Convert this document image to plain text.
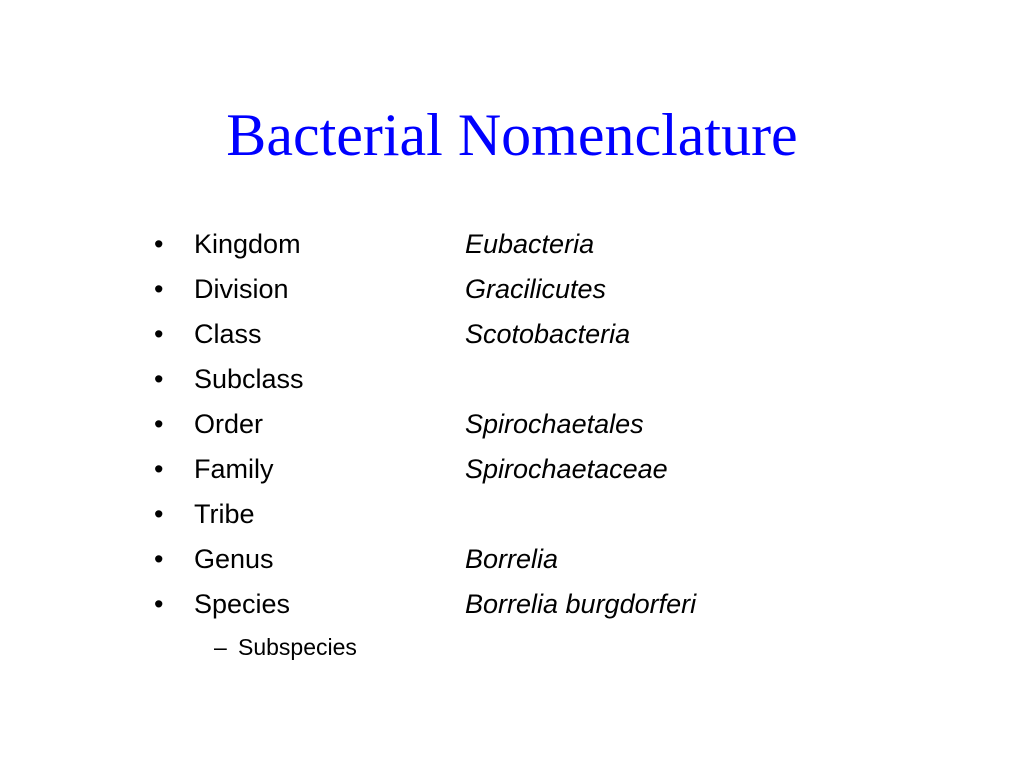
Bacterial Nomenclature
•	Kingdom	Eubacteria
•	Division	Gracilicutes
•	Class	Scotobacteria
•	Subclass
•	Order	Spirochaetales
•	Family	Spirochaetaceae
•	Tribe
•	Genus	Borrelia
•	Species	Borrelia burgdorferi
– Subspecies
